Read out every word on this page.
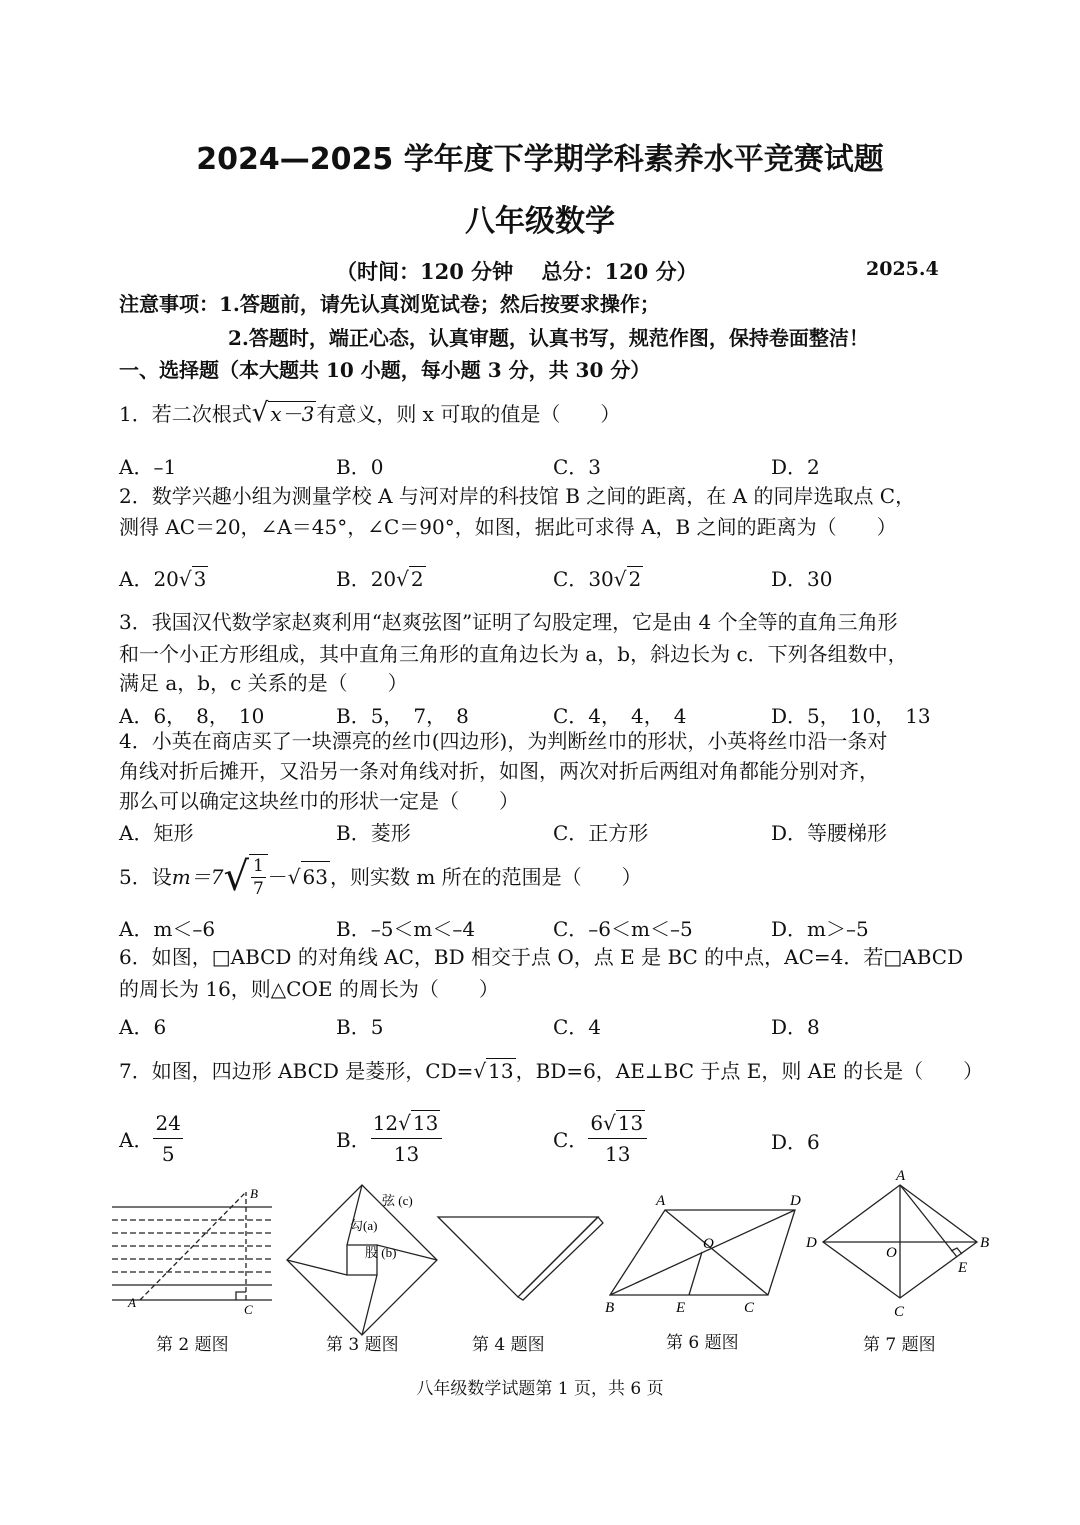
2024—2025 学年度下学期学科素养水平竞赛试题
八年级数学
（时间：120 分钟　 总分：120 分）	2025.4
注意事项：1.答题前，请先认真浏览试卷；然后按要求操作；
2.答题时，端正心态，认真审题，认真书写，规范作图，保持卷面整洁！
一、选择题（本大题共 10 小题，每小题 3 分，共 30 分）
1．若二次根式√ x－3 有意义，则 x 可取的值是（　　）
A．–1	B．0	C．3	D．2
2．数学兴趣小组为测量学校 A 与河对岸的科技馆 B 之间的距离，在 A 的同岸选取点 C，
测得 AC＝20，∠A＝45°，∠C＝90°，如图，据此可求得 A，B 之间的距离为（　　）
A．20√ 3	B．20√ 2	C．30√ 2	D．30
3．我国汉代数学家赵爽利用“赵爽弦图”证明了勾股定理，它是由 4 个全等的直角三角形
和一个小正方形组成，其中直角三角形的直角边长为 a，b，斜边长为 c．下列各组数中，
满足 a，b，c 关系的是（　　）
A．6，　8，　10	B．5，　7，　8	C．4，　4，　4	D．5，　10，　13
4．小英在商店买了一块漂亮的丝巾(四边形)，为判断丝巾的形状，小英将丝巾沿一条对
角线对折后摊开，又沿另一条对角线对折，如图，两次对折后两组对角都能分别对齐，
那么可以确定这块丝巾的形状一定是（　　）
A．矩形	B．菱形	C．正方形	D．等腰梯形
5．设 m＝7 √ $\frac{1}{7}$ － √ 63 ，则实数 m 所在的范围是（　　）
A．m＜–6	B．–5＜m＜–4	C．–6＜m＜–5	D．m＞–5
6．如图，□ABCD 的对角线 AC，BD 相交于点 O，点 E 是 BC 的中点，AC=4．若□ABCD
的周长为 16，则△COE 的周长为（　　）
A．6	B．5	C．4	D．8
7．如图，四边形 ABCD 是菱形，CD=√ 13 ，BD=6，AE⊥BC 于点 E，则 AE 的长是（　　）
A． $\frac{24}{5}$	B． $\frac{12√ 13}{13}$	C． $\frac{6√ 13}{13}$	D．6
A
B
C
弦 (c)
勾(a)
股 (b)
A	D
O
B	E	C
A
D
O
B
E
C
第 2 题图	第 3 题图	第 4 题图	第 6 题图	第 7 题图
八年级数学试题第 1 页，共 6 页
